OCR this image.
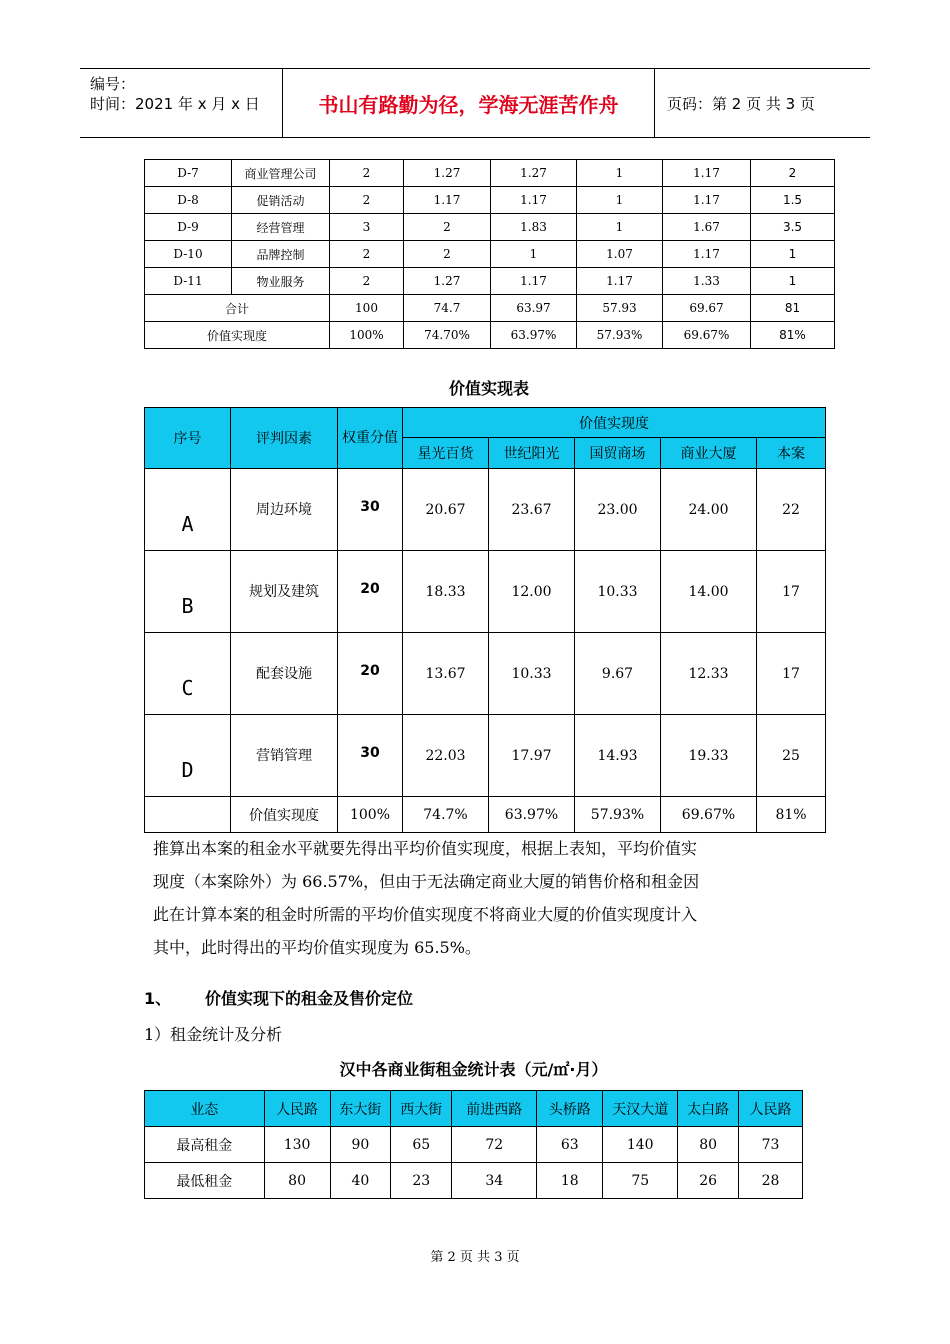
编号：
时间：2021 年 x 月 x 日	书山有路勤为径，学海无涯苦作舟	页码：第 2 页 共 3 页
D-7	商业管理公司	2	1.27	1.27	1	1.17	2
D-8	促销活动	2	1.17	1.17	1	1.17	1.5
D-9	经营管理	3	2	1.83	1	1.67	3.5
D-10	品牌控制	2	2	1	1.07	1.17	1
D-11	物业服务	2	1.27	1.17	1.17	1.33	1
合计		100	74.7	63.97	57.93	69.67	81
价值实现度		100%	74.70%	63.97%	57.93%	69.67%	81%
价值实现表
序号	评判因素	权重分值	价值实现度				
			星光百货	世纪阳光	国贸商场	商业大厦	本案
A	周边环境	30	20.67	23.67	23.00	24.00	22
B	规划及建筑	20	18.33	12.00	10.33	14.00	17
C	配套设施	20	13.67	10.33	9.67	12.33	17
D	营销管理	30	22.03	17.97	14.93	19.33	25
	价值实现度	100%	74.7%	63.97%	57.93%	69.67%	81%
推算出本案的租金水平就要先得出平均价值实现度，根据上表知，平均价值实
现度（本案除外）为 66.57%，但由于无法确定商业大厦的销售价格和租金因
此在计算本案的租金时所需的平均价值实现度不将商业大厦的价值实现度计入
其中，此时得出的平均价值实现度为 65.5%。
1、 价值实现下的租金及售价定位
1）租金统计及分析
汉中各商业街租金统计表（元/㎡·月）
业态	人民路	东大街	西大街	前进西路	头桥路	天汉大道	太白路	人民路
最高租金	130	90	65	72	63	140	80	73
最低租金	80	40	23	34	18	75	26	28
第 2 页 共 3 页
